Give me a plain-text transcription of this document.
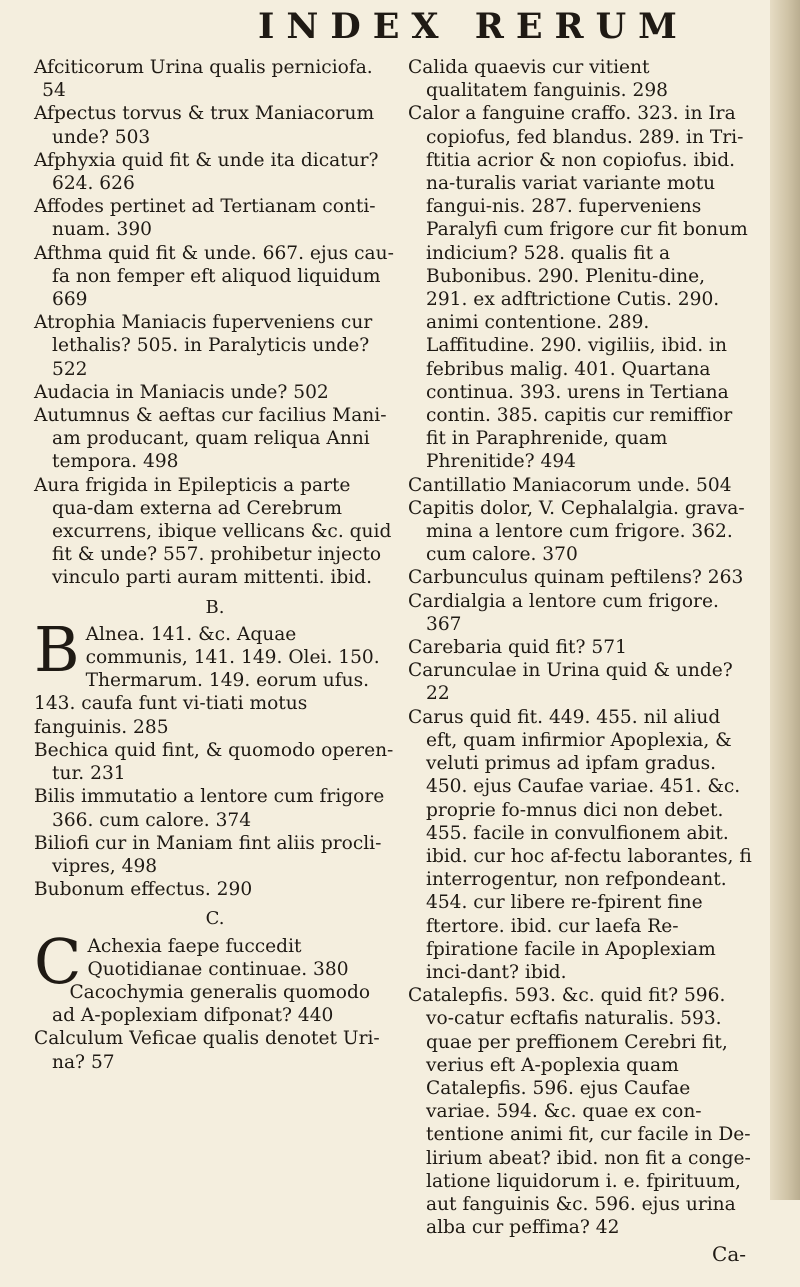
INDEX RERUM

Afciticorum Urina qualis perniciofa.

54

Afpectus torvus & trux Maniacorum unde? 503

Afphyxia quid fit & unde ita dicatur? 624. 626

Affodes pertinet ad Tertianam conti-nuam. 390

Afthma quid fit & unde. 667. ejus cau-fa non femper eft aliquod liquidum 669

Atrophia Maniacis fuperveniens cur lethalis? 505. in Paralyticis unde? 522

Audacia in Maniacis unde? 502

Autumnus & aeftas cur facilius Mani-am producant, quam reliqua Anni tempora. 498

Aura frigida in Epilepticis a parte qua-dam externa ad Cerebrum excurrens, ibique vellicans &c. quid fit & unde? 557. prohibetur injecto vinculo parti auram mittenti. ibid.

B.

B Alnea. 141. &c. Aquae communis, 141. 149. Olei. 150. Thermarum. 149. eorum ufus. 143. caufa funt vi-tiati motus fanguinis. 285

Bechica quid fint, & quomodo operen-tur. 231

Bilis immutatio a lentore cum frigore 366. cum calore. 374

Biliofi cur in Maniam fint aliis procli-vipres, 498

Bubonum effectus. 290

C.

C Achexia faepe fuccedit Quotidianae continuae. 380

Cacochymia generalis quomodo ad A-poplexiam difponat? 440

Calculum Veficae qualis denotet Uri-na? 57

Calida quaevis cur vitient qualitatem fanguinis. 298

Calor a fanguine craffo. 323. in Ira copiofus, fed blandus. 289. in Tri-ftitia acrior & non copiofus. ibid. na-turalis variat variante motu fangui-nis. 287. fuperveniens Paralyfi cum frigore cur fit bonum indicium? 528. qualis fit a Bubonibus. 290. Plenitu-dine, 291. ex adftrictione Cutis. 290. animi contentione. 289. Laffitudine. 290. vigiliis, ibid. in febribus malig. 401. Quartana continua. 393. urens in Tertiana contin. 385. capitis cur remiffior fit in Paraphrenide, quam Phrenitide? 494

Cantillatio Maniacorum unde. 504

Capitis dolor, V. Cephalalgia. grava-mina a lentore cum frigore. 362. cum calore. 370

Carbunculus quinam peftilens? 263

Cardialgia a lentore cum frigore. 367

Carebaria quid fit? 571

Carunculae in Urina quid & unde? 22

Carus quid fit. 449. 455. nil aliud eft, quam infirmior Apoplexia, & veluti primus ad ipfam gradus. 450. ejus Caufae variae. 451. &c. proprie fo-mnus dici non debet. 455. facile in convulfionem abit. ibid. cur hoc af-fectu laborantes, fi interrogentur, non refpondeant. 454. cur libere re-fpirent fine ftertore. ibid. cur laefa Re-fpiratione facile in Apoplexiam inci-dant? ibid.

Catalepfis. 593. &c. quid fit? 596. vo-catur ecftafis naturalis. 593. quae per preffionem Cerebri fit, verius eft A-poplexia quam Catalepfis. 596. ejus Caufae variae. 594. &c. quae ex con-tentione animi fit, cur facile in De-lirium abeat? ibid. non fit a conge-latione liquidorum i. e. fpirituum, aut fanguinis &c. 596. ejus urina alba cur peffima? 42

Ca-
